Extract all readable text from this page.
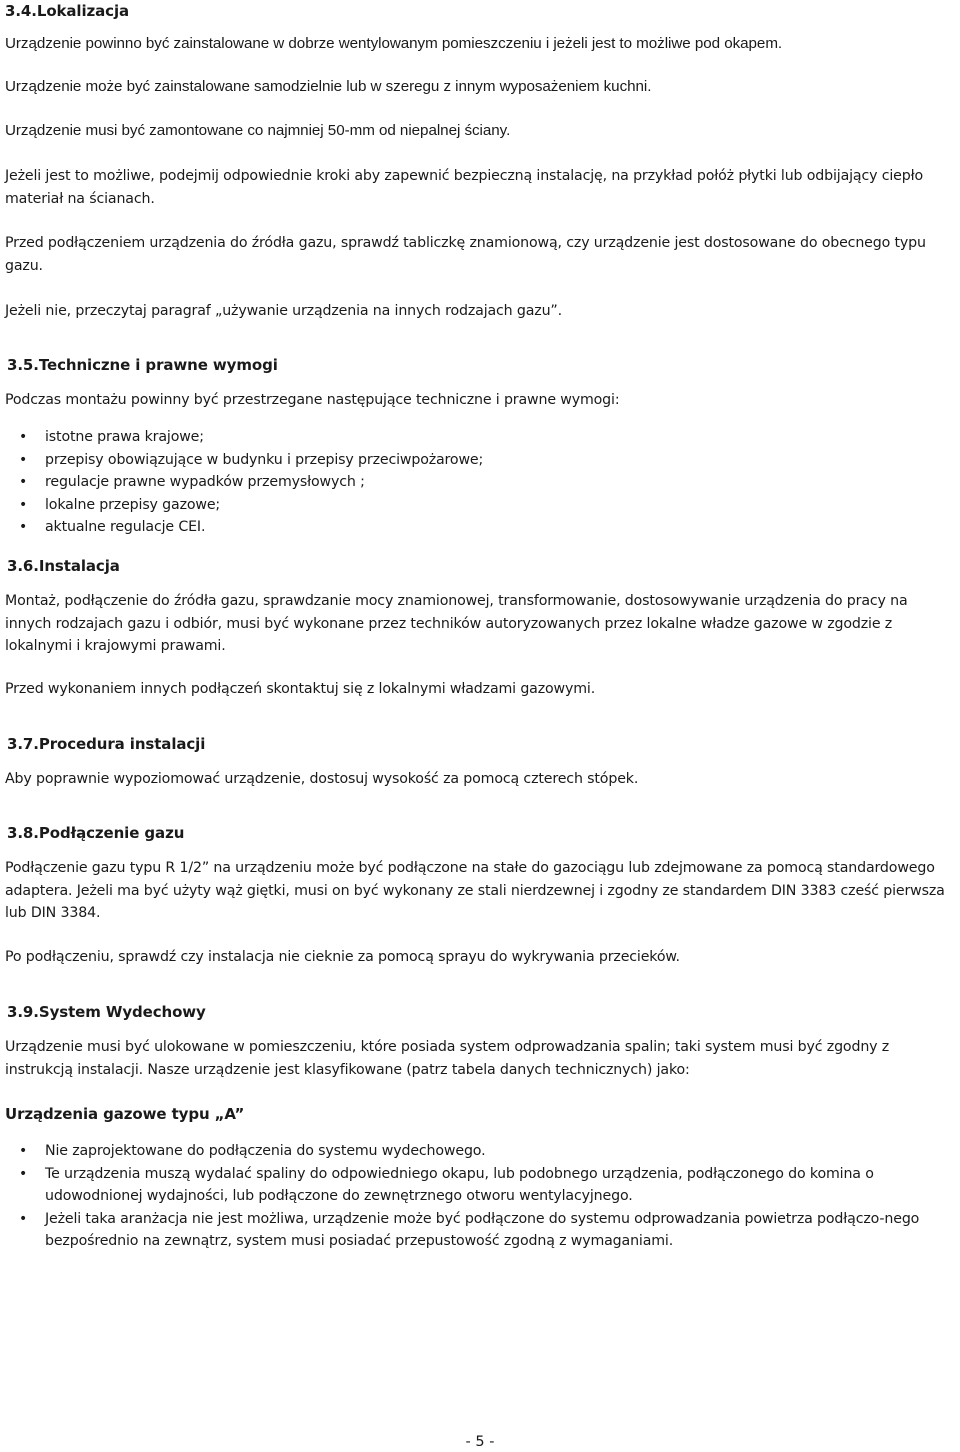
3.4.Lokalizacja

Urządzenie powinno być zainstalowane w dobrze wentylowanym pomieszczeniu i jeżeli jest to możliwe pod okapem.

Urządzenie może być zainstalowane samodzielnie lub w szeregu z innym wyposażeniem kuchni.

Urządzenie musi być zamontowane co najmniej 50-mm od niepalnej ściany.

Jeżeli jest to możliwe, podejmij odpowiednie kroki aby zapewnić bezpieczną instalację, na przykład połóż płytki lub odbijający ciepło materiał na ścianach.

Przed podłączeniem urządzenia do źródła gazu, sprawdź tabliczkę znamionową, czy urządzenie jest dostosowane do obecnego typu gazu.

Jeżeli nie, przeczytaj paragraf „używanie urządzenia na innych rodzajach gazu”.

3.5.Techniczne i prawne wymogi

Podczas montażu powinny być przestrzegane następujące techniczne i prawne wymogi:

• istotne prawa krajowe;
• przepisy obowiązujące w budynku i przepisy przeciwpożarowe;
• regulacje prawne wypadków przemysłowych ;
• lokalne przepisy gazowe;
• aktualne regulacje CEI.
3.6.Instalacja

Montaż, podłączenie do źródła gazu, sprawdzanie mocy znamionowej, transformowanie, dostosowywanie urządzenia do pracy na innych rodzajach gazu i odbiór, musi być wykonane przez techników autoryzowanych przez lokalne władze gazowe w zgodzie z lokalnymi i krajowymi prawami.

Przed wykonaniem innych podłączeń skontaktuj się z lokalnymi władzami gazowymi.

3.7.Procedura instalacji

Aby poprawnie wypoziomować urządzenie, dostosuj wysokość za pomocą czterech stópek.

3.8.Podłączenie gazu

Podłączenie gazu typu R 1/2” na urządzeniu może być podłączone na stałe do gazociągu lub zdejmowane za pomocą standardowego adaptera. Jeżeli ma być użyty wąż giętki, musi on być wykonany ze stali nierdzewnej i zgodny ze standardem DIN 3383 cześć pierwsza lub DIN 3384.

Po podłączeniu, sprawdź czy instalacja nie cieknie za pomocą sprayu do wykrywania przecieków.

3.9.System Wydechowy

Urządzenie musi być ulokowane w pomieszczeniu, które posiada system odprowadzania spalin; taki system musi być zgodny z instrukcją instalacji. Nasze urządzenie jest klasyfikowane (patrz tabela danych technicznych) jako:

Urządzenia gazowe typu „A”
• Nie zaprojektowane do podłączenia do systemu wydechowego.
• Te urządzenia muszą wydalać spaliny do odpowiedniego okapu, lub podobnego urządzenia, podłączonego do komina o udowodnionej wydajności, lub podłączone do zewnętrznego otworu wentylacyjnego.
• Jeżeli taka aranżacja nie jest możliwa, urządzenie może być podłączone do systemu odprowadzania powietrza podłączo-nego bezpośrednio na zewnątrz, system musi posiadać przepustowość zgodną z wymaganiami.
- 5 -
